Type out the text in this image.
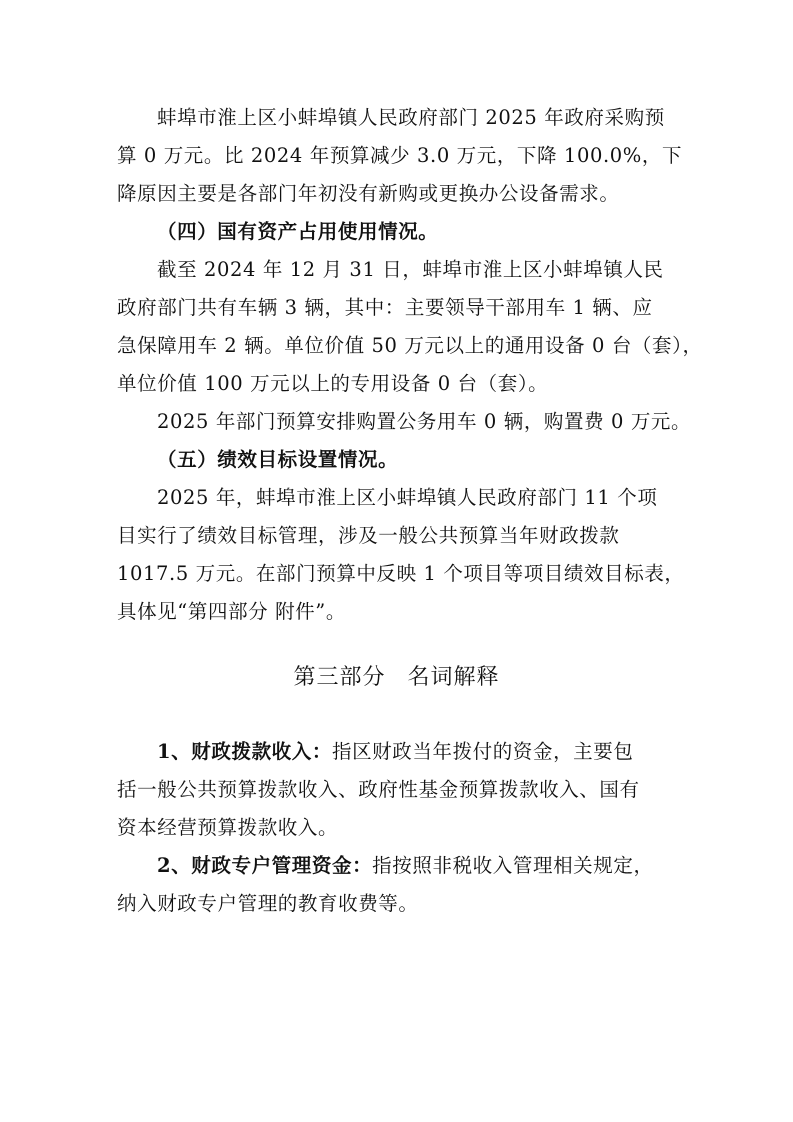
蚌埠市淮上区小蚌埠镇人民政府部门 2025 年政府采购预
算 0 万元。比 2024 年预算减少 3.0 万元，下降 100.0%，下
降原因主要是各部门年初没有新购或更换办公设备需求。
（四）国有资产占用使用情况。
截至 2024 年 12 月 31 日，蚌埠市淮上区小蚌埠镇人民
政府部门共有车辆 3 辆，其中：主要领导干部用车 1 辆、应
急保障用车 2 辆。单位价值 50 万元以上的通用设备 0 台（套），
单位价值 100 万元以上的专用设备 0 台（套）。
2025 年部门预算安排购置公务用车 0 辆，购置费 0 万元。
（五）绩效目标设置情况。
2025 年，蚌埠市淮上区小蚌埠镇人民政府部门 11 个项
目实行了绩效目标管理，涉及一般公共预算当年财政拨款
1017.5 万元。在部门预算中反映 1 个项目等项目绩效目标表，
具体见“第四部分 附件”。
第三部分 名词解释
1、财政拨款收入：指区财政当年拨付的资金，主要包
括一般公共预算拨款收入、政府性基金预算拨款收入、国有
资本经营预算拨款收入。
2、财政专户管理资金：指按照非税收入管理相关规定，
纳入财政专户管理的教育收费等。
